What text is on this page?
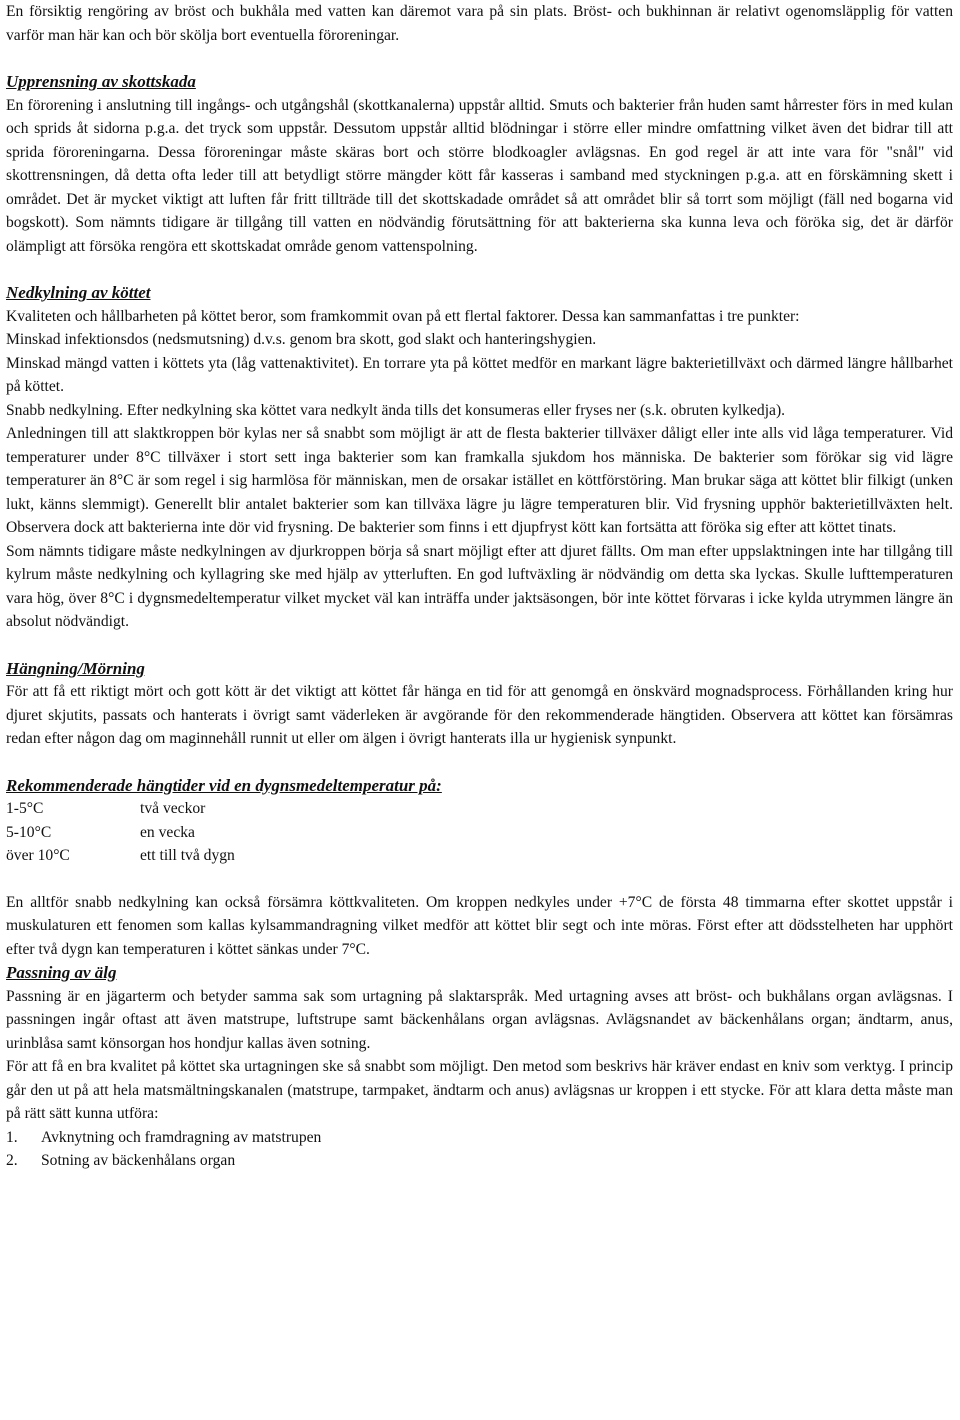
En försiktig rengöring av bröst och bukhåla med vatten kan däremot vara på sin plats. Bröst- och bukhinnan är relativt ogenomsläpplig för vatten varför man här kan och bör skölja bort eventuella föroreningar.

Upprensning av skottskada

En förorening i anslutning till ingångs- och utgångshål (skottkanalerna) uppstår alltid. Smuts och bakterier från huden samt hårrester förs in med kulan och sprids åt sidorna p.g.a. det tryck som uppstår. Dessutom uppstår alltid blödningar i större eller mindre omfattning vilket även det bidrar till att sprida föroreningarna. Dessa föroreningar måste skäras bort och större blodkoagler avlägsnas. En god regel är att inte vara för "snål" vid skottrensningen, då detta ofta leder till att betydligt större mängder kött får kasseras i samband med styckningen p.g.a. att en förskämning skett i området. Det är mycket viktigt att luften får fritt tillträde till det skottskadade området så att området blir så torrt som möjligt (fäll ned bogarna vid bogskott). Som nämnts tidigare är tillgång till vatten en nödvändig förutsättning för att bakterierna ska kunna leva och föröka sig, det är därför olämpligt att försöka rengöra ett skottskadat område genom vattenspolning.

Nedkylning av köttet

Kvaliteten och hållbarheten på köttet beror, som framkommit ovan på ett flertal faktorer. Dessa kan sammanfattas i tre punkter:

Minskad infektionsdos (nedsmutsning) d.v.s. genom bra skott, god slakt och hanteringshygien.

Minskad mängd vatten i köttets yta (låg vattenaktivitet). En torrare yta på köttet medför en markant lägre bakterietillväxt och därmed längre hållbarhet på köttet.

Snabb nedkylning. Efter nedkylning ska köttet vara nedkylt ända tills det konsumeras eller fryses ner (s.k. obruten kylkedja).

Anledningen till att slaktkroppen bör kylas ner så snabbt som möjligt är att de flesta bakterier tillväxer dåligt eller inte alls vid låga temperaturer. Vid temperaturer under 8°C tillväxer i stort sett inga bakterier som kan framkalla sjukdom hos människa. De bakterier som förökar sig vid lägre temperaturer än 8°C är som regel i sig harmlösa för människan, men de orsakar istället en köttförstöring. Man brukar säga att köttet blir filkigt (unken lukt, känns slemmigt). Generellt blir antalet bakterier som kan tillväxa lägre ju lägre temperaturen blir. Vid frysning upphör bakterietillväxten helt. Observera dock att bakterierna inte dör vid frysning. De bakterier som finns i ett djupfryst kött kan fortsätta att föröka sig efter att köttet tinats.

Som nämnts tidigare måste nedkylningen av djurkroppen börja så snart möjligt efter att djuret fällts. Om man efter uppslaktningen inte har tillgång till kylrum måste nedkylning och kyllagring ske med hjälp av ytterluften. En god luftväxling är nödvändig om detta ska lyckas. Skulle lufttemperaturen vara hög, över 8°C i dygnsmedeltemperatur vilket mycket väl kan inträffa under jaktsäsongen, bör inte köttet förvaras i icke kylda utrymmen längre än absolut nödvändigt.

Hängning/Mörning

För att få ett riktigt mört och gott kött är det viktigt att köttet får hänga en tid för att genomgå en önskvärd mognadsprocess. Förhållanden kring hur djuret skjutits, passats och hanterats i övrigt samt väderleken är avgörande för den rekommenderade hängtiden. Observera att köttet kan försämras redan efter någon dag om maginnehåll runnit ut eller om älgen i övrigt hanterats illa ur hygienisk synpunkt.

Rekommenderade hängtider vid en dygnsmedeltemperatur på:
1-5°C	två veckor
5-10°C	en vecka
över 10°C	ett till två dygn

En alltför snabb nedkylning kan också försämra köttkvaliteten. Om kroppen nedkyles under +7°C de första 48 timmarna efter skottet uppstår i muskulaturen ett fenomen som kallas kylsammandragning vilket medför att köttet blir segt och inte möras. Först efter att dödsstelheten har upphört efter två dygn kan temperaturen i köttet sänkas under 7°C.

Passning av älg

Passning är en jägarterm och betyder samma sak som urtagning på slaktarspråk. Med urtagning avses att bröst- och bukhålans organ avlägsnas. I passningen ingår oftast att även matstrupe, luftstrupe samt bäckenhålans organ avlägsnas. Avlägsnandet av bäckenhålans organ; ändtarm, anus, urinblåsa samt könsorgan hos hondjur kallas även sotning.

För att få en bra kvalitet på köttet ska urtagningen ske så snabbt som möjligt. Den metod som beskrivs här kräver endast en kniv som verktyg. I princip går den ut på att hela matsmältningskanalen (matstrupe, tarmpaket, ändtarm och anus) avlägsnas ur kroppen i ett stycke. För att klara detta måste man på rätt sätt kunna utföra:

1.	Avknytning och framdragning av matstrupen
2.	Sotning av bäckenhålans organ
